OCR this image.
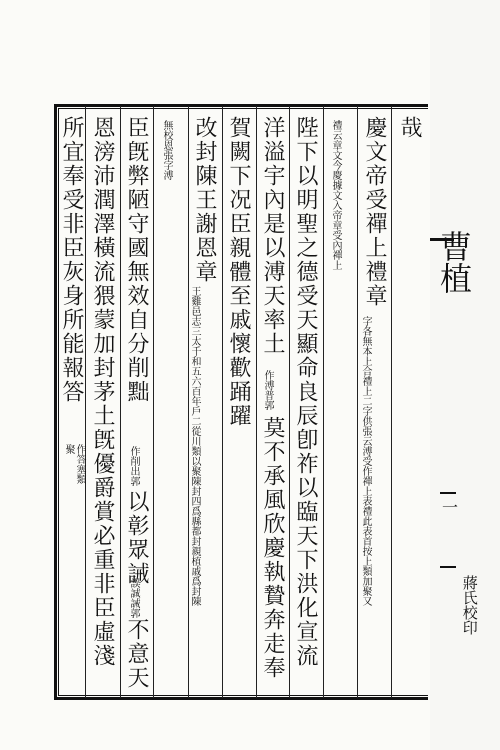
哉
慶文帝受禪上禮章
字各無本上合禮上二字供張云溥受作禪上表禮此表首按上類加聚又
禮云章文今慶據文入帝章受內禪上
陛下以明聖之德受天顯命良辰卽祚以臨天下洪化宣流
洋溢宇內是以溥天率土
作溥普郭
莫不承風欣慶執贄奔走奉
賀闕下况臣親體至戚懷歡踊躍
改封陳王謝恩章
王雞邑志三太千和五六百年戶二從川類以聚陳封四爲縣都封親植戚爲封陳
無校恩張字溥
臣旣弊陋守國無效自分削黜
作削出郭
以彰眾誡
誤誠誡郭
不意天
恩滂沛潤澤橫流猥蒙加封茅土旣優爵賞必重非臣虛淺
所宜奉受非臣灰身所能報答
作答塞類聚
曹植
一
蔣氏校印
